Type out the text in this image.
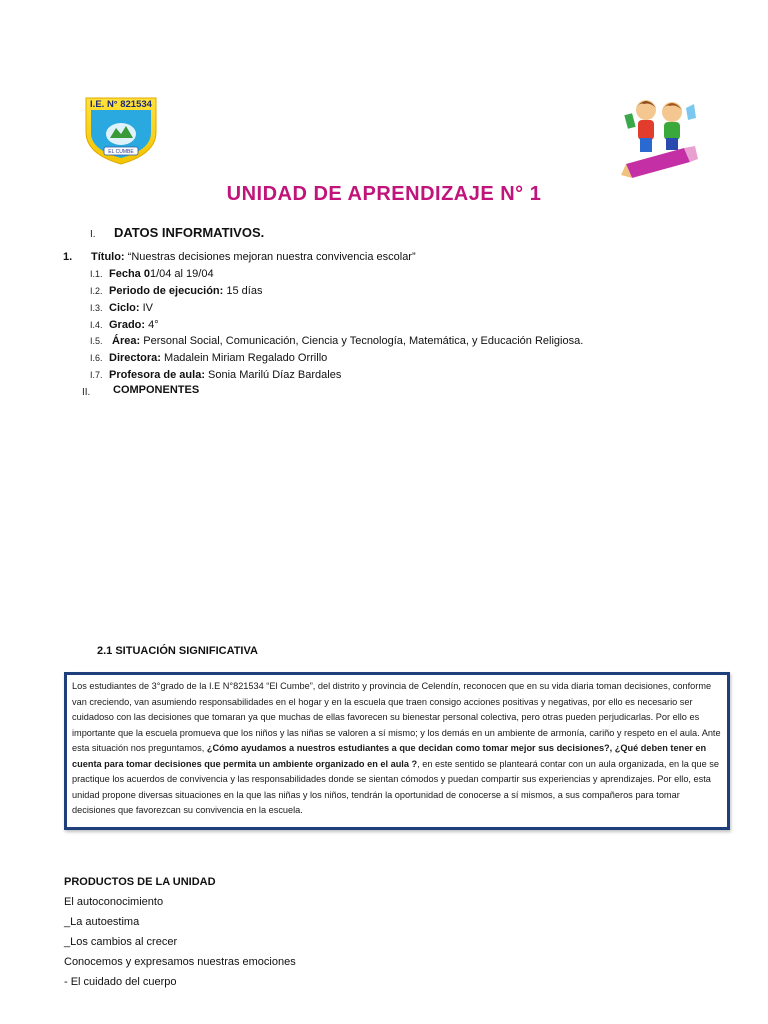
I.E. N° 821534
EL CUMBE
UNIDAD DE APRENDIZAJE N° 1
I. DATOS INFORMATIVOS.
1. Título: “Nuestras decisiones mejoran nuestra convivencia escolar”
I.1. Fecha 01/04 al 19/04
I.2. Periodo de ejecución: 15 días
I.3. Ciclo: IV
I.4. Grado: 4°
I.5. Área: Personal Social, Comunicación, Ciencia y Tecnología, Matemática, y Educación Religiosa.
I.6. Directora: Madalein Miriam Regalado Orrillo
I.7. Profesora de aula: Sonia Marilú Díaz Bardales
II. COMPONENTES
2.1 SITUACIÓN SIGNIFICATIVA
Los estudiantes de 3°grado de la I.E N°821534 “El Cumbe”, del distrito y provincia de Celendín, reconocen que en su vida diaria toman decisiones, conforme van creciendo, van asumiendo responsabilidades en el hogar y en la escuela que traen consigo acciones positivas y negativas, por ello es necesario ser cuidadoso con las decisiones que tomaran ya que muchas de ellas favorecen su bienestar personal colectiva, pero otras pueden perjudicarlas. Por ello es importante que la escuela promueva que los niños y las niñas se valoren a sí mismo; y los demás en un ambiente de armonía, cariño y respeto en el aula. Ante esta situación nos preguntamos, ¿Cómo ayudamos a nuestros estudiantes a que decidan como tomar mejor sus decisiones?, ¿Qué deben tener en cuenta para tomar decisiones que permita un ambiente organizado en el aula ?, en este sentido se planteará contar con un aula organizada, en la que se practique los acuerdos de convivencia y las responsabilidades donde se sientan cómodos y puedan compartir sus experiencias y aprendizajes. Por ello, esta unidad propone diversas situaciones en la que las niñas y los niños, tendrán la oportunidad de conocerse a sí mismos, a sus compañeros para tomar decisiones que favorezcan su convivencia en la escuela.
PRODUCTOS DE LA UNIDAD
El autoconocimiento
_La autoestima
_Los cambios al crecer
Conocemos y expresamos nuestras emociones
- El cuidado del cuerpo
